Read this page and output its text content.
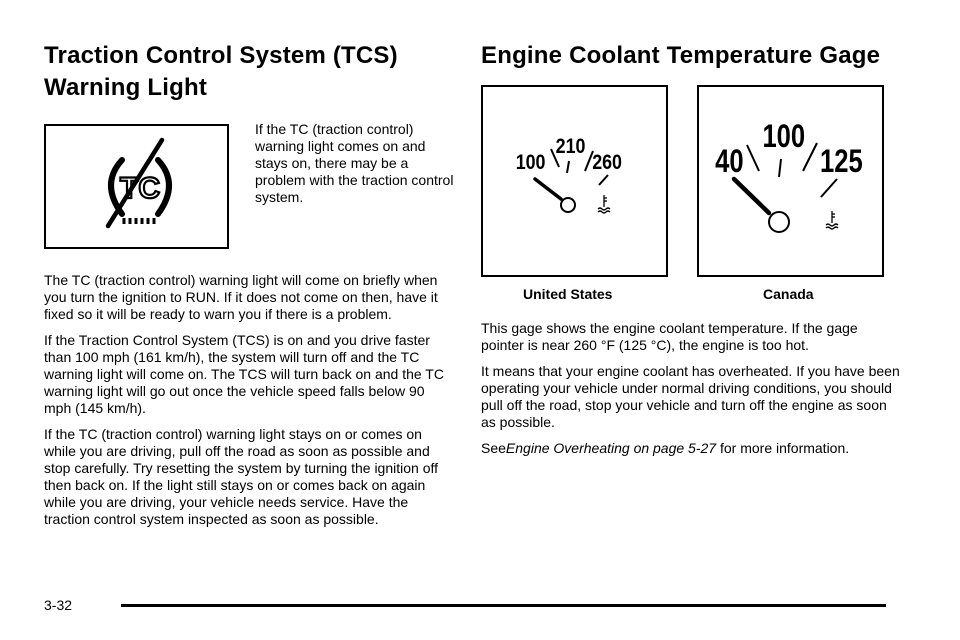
Traction Control System (TCS) Warning Light
TC
If the TC (traction control) warning light comes on and stays on, there may be a problem with the traction control system.

The TC (traction control) warning light will come on briefly when you turn the ignition to RUN. If it does not come on then, have it fixed so it will be ready to warn you if there is a problem.

If the Traction Control System (TCS) is on and you drive faster than 100 mph (161 km/h), the system will turn off and the TC warning light will come on. The TCS will turn back on and the TC warning light will go out once the vehicle speed falls below 90 mph (145 km/h).

If the TC (traction control) warning light stays on or comes on while you are driving, pull off the road as soon as possible and stop carefully. Try resetting the system by turning the ignition off then back on. If the light still stays on or comes back on again while you are driving, your vehicle needs service. Have the traction control system inspected as soon as possible.

Engine Coolant Temperature Gage
100
210
260	40
100
125
United States	Canada

This gage shows the engine coolant temperature. If the gage pointer is near 260 °F (125 °C), the engine is too hot.

It means that your engine coolant has overheated. If you have been operating your vehicle under normal driving conditions, you should pull off the road, stop your vehicle and turn off the engine as soon as possible.

SeeEngine Overheating on page 5-27 for more information.

3-32
